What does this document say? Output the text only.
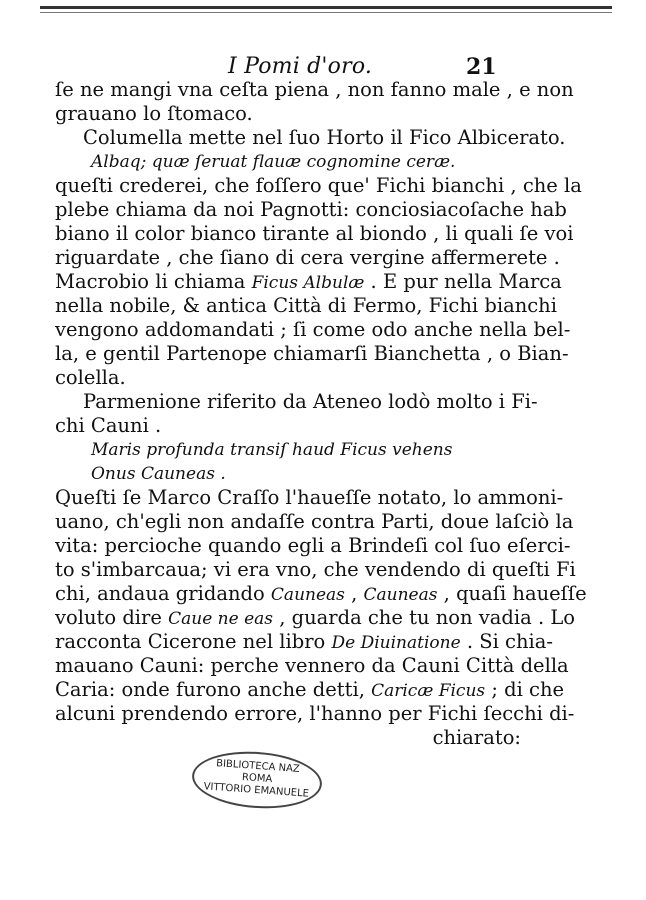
I Pomi d'oro.	21
ſe ne mangi vna ceſta piena , non fanno male , e non
grauano lo ſtomaco.
Columella mette nel ſuo Horto il Fico Albicerato.
Albaq; quæ ſeruat flauæ cognomine ceræ.
queſti crederei, che foſſero que' Fichi bianchi , che la
plebe chiama da noi Pagnotti: conciosiacoſache hab
biano il color bianco tirante al biondo , li quali ſe voi
riguardate , che ſiano di cera vergine affermerete .
Macrobio li chiama Ficus Albulæ . E pur nella Marca
nella nobile, & antica Città di Fermo, Fichi bianchi
vengono addomandati ; ſi come odo anche nella bel-
la, e gentil Partenope chiamarſi Bianchetta , o Bian-
colella.
Parmenione riferito da Ateneo lodò molto i Fi-
chi Cauni .
Maris profunda transiſ haud Ficus vehens
Onus Cauneas .
Queſti ſe Marco Craſſo l'haueſſe notato, lo ammoni-
uano, ch'egli non andaſſe contra Parti, doue laſciò la
vita: percioche quando egli a Brindeſi col ſuo eſerci-
to s'imbarcaua; vi era vno, che vendendo di queſti Fi
chi, andaua gridando Cauneas , Cauneas , quaſi haueſſe
voluto dire Caue ne eas , guarda che tu non vadia . Lo
racconta Cicerone nel libro De Diuinatione . Si chia-
mauano Cauni: perche vennero da Cauni Città della
Caria: onde furono anche detti, Caricæ Ficus ; di che
alcuni prendendo errore, l'hanno per Fichi ſecchi di-
chiarato:
BIBLIOTECA NAZ
ROMA
VITTORIO EMANUELE
